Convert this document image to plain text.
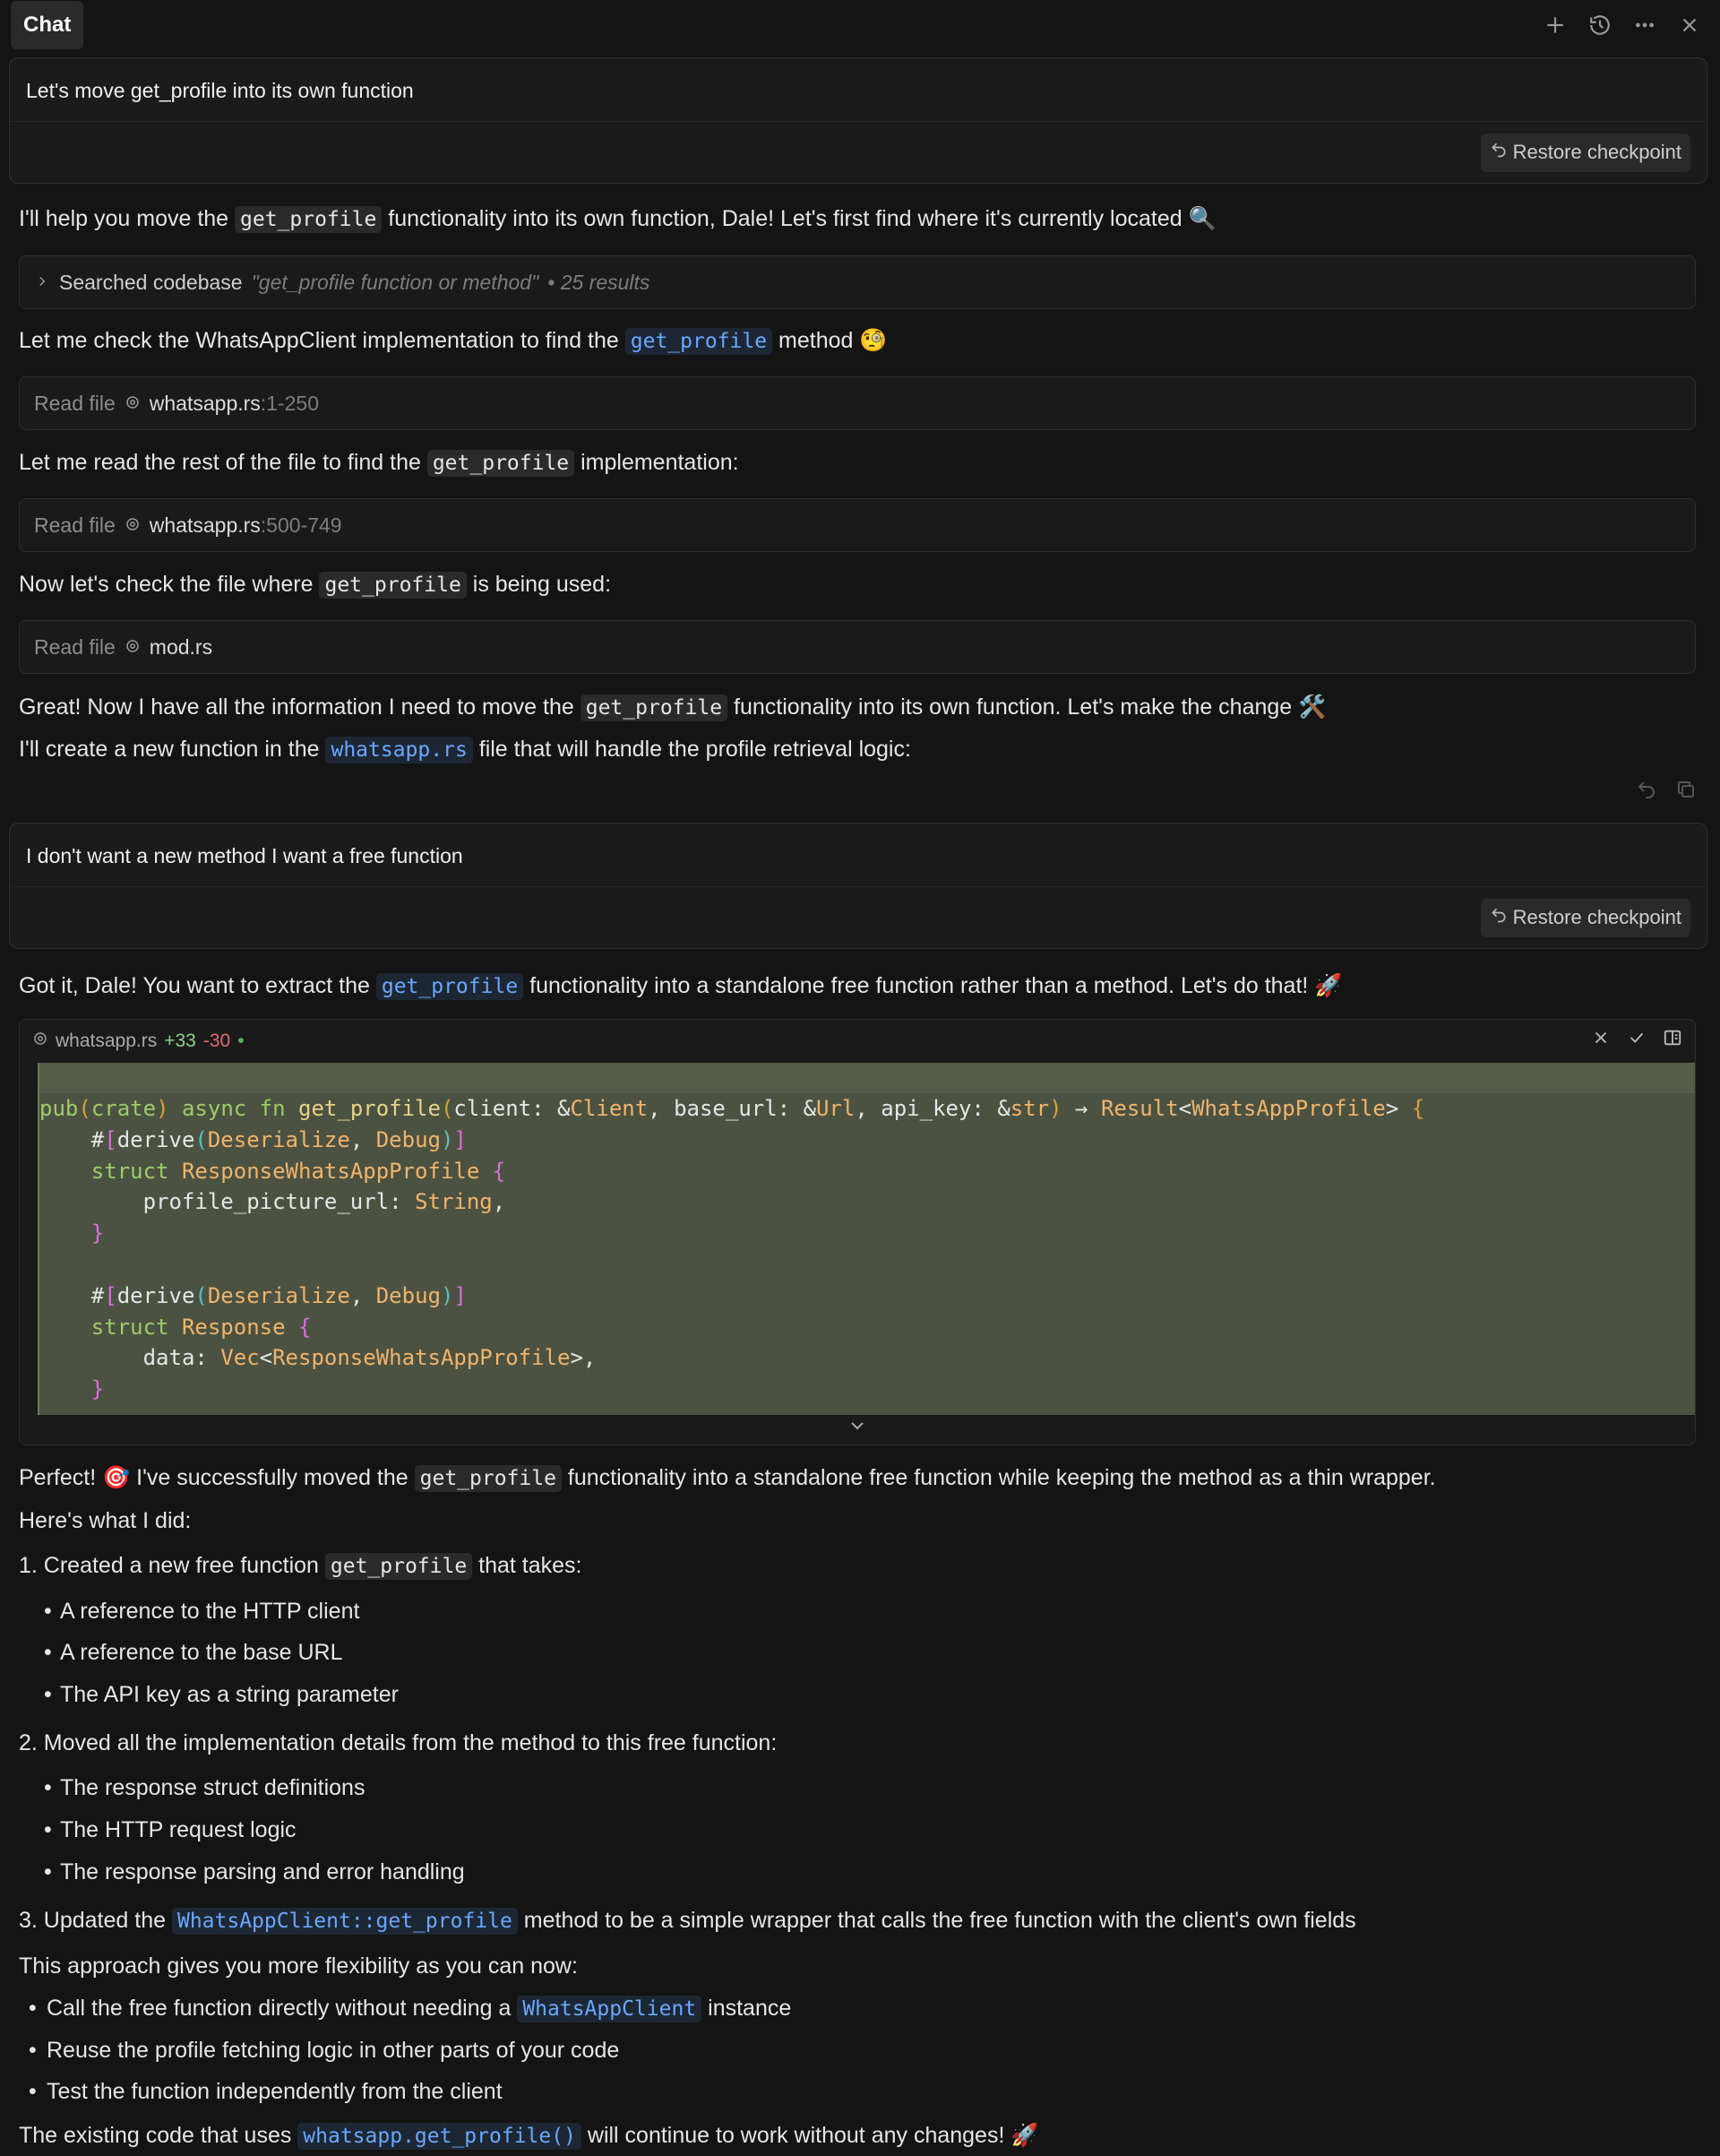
Chat
Let's move get_profile into its own function
Restore checkpoint
I'll help you move the get_profile functionality into its own function, Dale! Let's first find where it's currently located 🔍
Searched codebase "get_profile function or method" • 25 results
Let me check the WhatsAppClient implementation to find the get_profile method 🧐
Read file whatsapp.rs:1-250
Let me read the rest of the file to find the get_profile implementation:
Read file whatsapp.rs:500-749
Now let's check the file where get_profile is being used:
Read file mod.rs
Great! Now I have all the information I need to move the get_profile functionality into its own function. Let's make the change 🛠️
I'll create a new function in the whatsapp.rs file that will handle the profile retrieval logic:
I don't want a new method I want a free function
Restore checkpoint
Got it, Dale! You want to extract the get_profile functionality into a standalone free function rather than a method. Let's do that! 🚀
whatsapp.rs +33 -30 •
pub(crate) async fn get_profile(client: &Client, base_url: &Url, api_key: &str) → Result<WhatsAppProfile> {
#[derive(Deserialize, Debug)]
struct ResponseWhatsAppProfile {
profile_picture_url: String,
}

#[derive(Deserialize, Debug)]
struct Response {
data: Vec<ResponseWhatsAppProfile>,
}
Perfect! 🎯 I've successfully moved the get_profile functionality into a standalone free function while keeping the method as a thin wrapper.
Here's what I did:
1. Created a new free function get_profile that takes:
• A reference to the HTTP client
• A reference to the base URL
• The API key as a string parameter
2. Moved all the implementation details from the method to this free function:
• The response struct definitions
• The HTTP request logic
• The response parsing and error handling
3. Updated the WhatsAppClient::get_profile method to be a simple wrapper that calls the free function with the client's own fields
This approach gives you more flexibility as you can now:
• Call the free function directly without needing a WhatsAppClient instance
• Reuse the profile fetching logic in other parts of your code
• Test the function independently from the client
The existing code that uses whatsapp.get_profile() will continue to work without any changes! 🚀
